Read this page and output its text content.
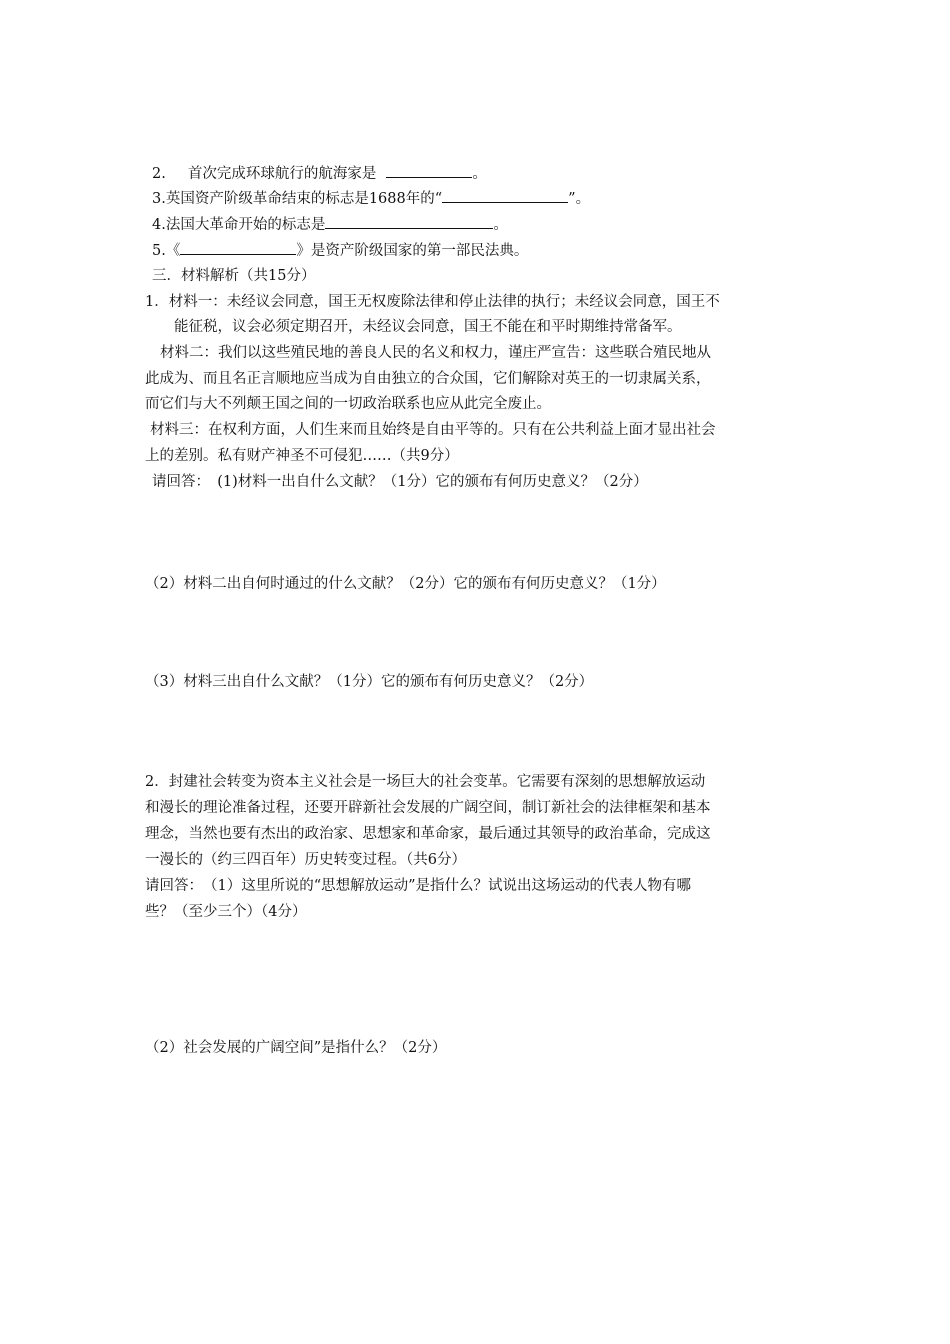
2. 首次完成环球航行的航海家是	。
3.英国资产阶级革命结束的标志是1688年的“	”。
4.法国大革命开始的标志是	。
5.《	》是资产阶级国家的第一部民法典。
三．材料解析（共15分）
1．材料一：未经议会同意，国王无权废除法律和停止法律的执行；未经议会同意，国王不
能征税，议会必须定期召开，未经议会同意，国王不能在和平时期维持常备军。
材料二：我们以这些殖民地的善良人民的名义和权力，谨庄严宣告：这些联合殖民地从
此成为、而且名正言顺地应当成为自由独立的合众国，它们解除对英王的一切隶属关系，
而它们与大不列颠王国之间的一切政治联系也应从此完全废止。
材料三：在权利方面，人们生来而且始终是自由平等的。只有在公共利益上面才显出社会
上的差别。私有财产神圣不可侵犯……（共9分）
请回答：　(1)材料一出自什么文献？（1分）它的颁布有何历史意义？（2分）
（2）材料二出自何时通过的什么文献？（2分）它的颁布有何历史意义？（1分）
（3）材料三出自什么文献？（1分）它的颁布有何历史意义？（2分）
2．封建社会转变为资本主义社会是一场巨大的社会变革。它需要有深刻的思想解放运动
和漫长的理论准备过程，还要开辟新社会发展的广阔空间，制订新社会的法律框架和基本
理念，当然也要有杰出的政治家、思想家和革命家，最后通过其领导的政治革命，完成这
一漫长的（约三四百年）历史转变过程。（共6分）
请回答：　（1）这里所说的“思想解放运动”是指什么？试说出这场运动的代表人物有哪
些？（至少三个）（4分）
（2）社会发展的广阔空间”是指什么？（2分）
